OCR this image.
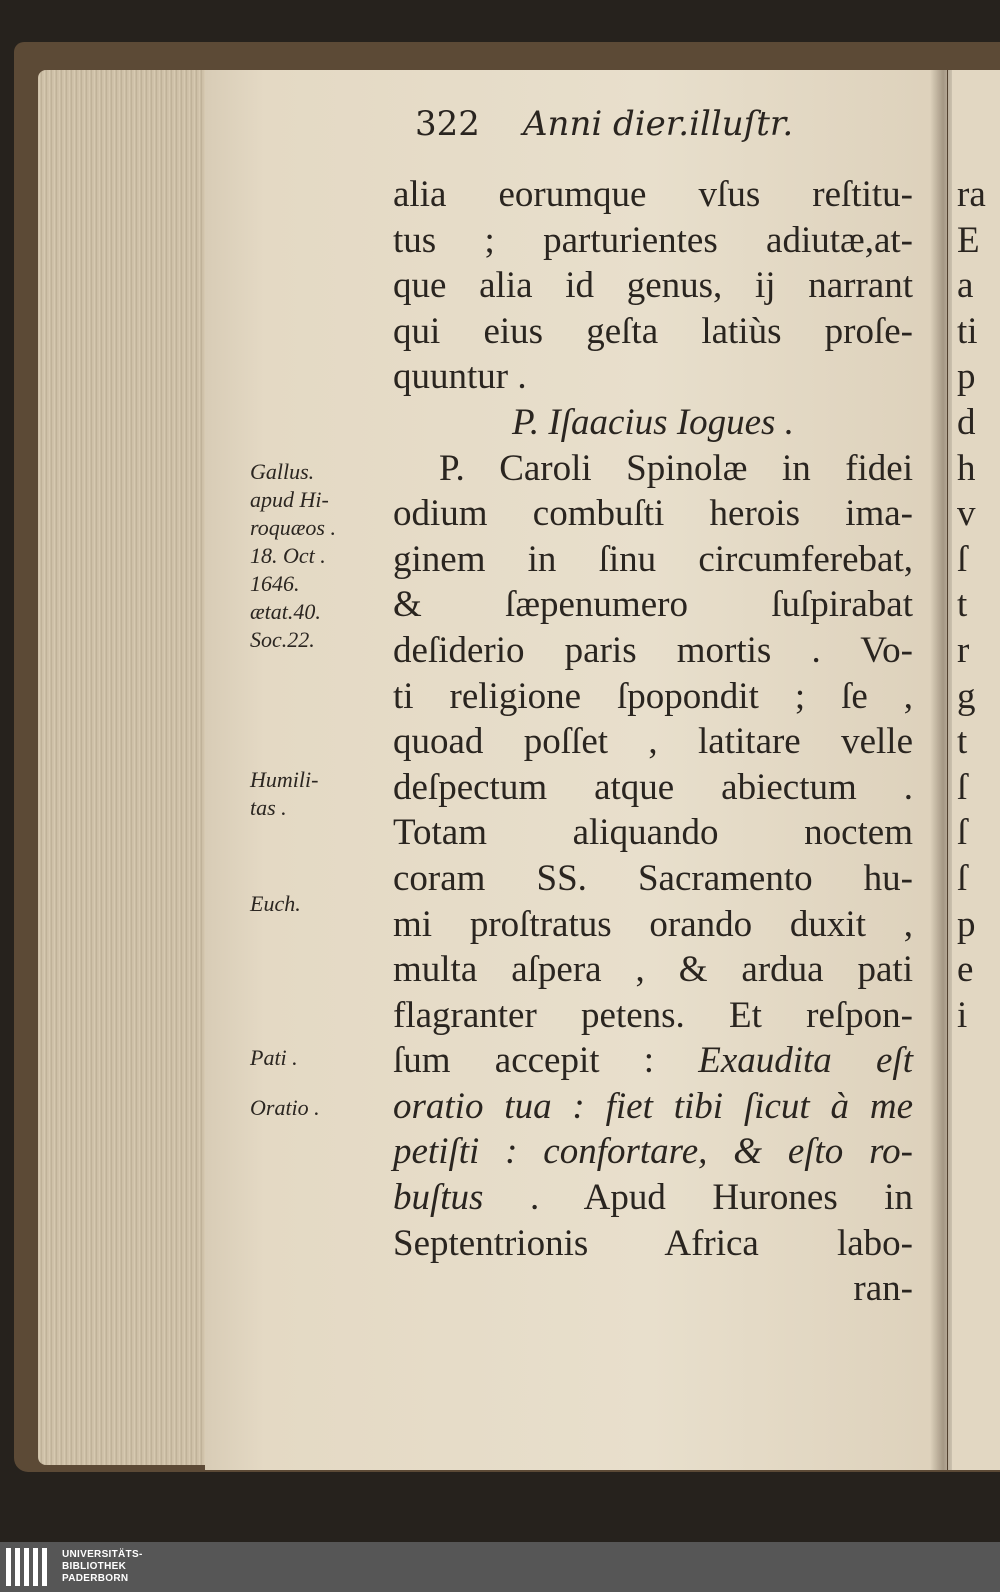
322 Anni dier.illuſtr.
alia eorumque vſus reſtitu-
tus ; parturientes adiutæ,at-
que alia id genus, ij narrant
qui eius geſta latiùs proſe-
quuntur .
P. Iſaacius Iogues .
P. Caroli Spinolæ in fidei
odium combuſti herois ima-
ginem in ſinu circumferebat,
& ſæpenumero ſuſpirabat
deſiderio paris mortis . Vo-
ti religione ſpopondit ; ſe ,
quoad poſſet , latitare velle
deſpectum atque abiectum .
Totam aliquando noctem
coram SS. Sacramento hu-
mi proſtratus orando duxit ,
multa aſpera , & ardua pati
flagranter petens. Et reſpon-
ſum accepit : Exaudita eſt
oratio tua : fiet tibi ſicut à me
petiſti : confortare, & eſto ro-
buſtus . Apud Hurones in
Septentrionis Africa labo-
ran-
Gallus.
apud Hi-
roquæos .
18. Oct .
1646.
ætat.40.
Soc.22.
Humili-
tas .
Euch.
Pati .
Oratio .
ra
E
a
ti
p
d
h
v
ſ
t
r
g
t
ſ
ſ
ſ
p
e
i
UNIVERSITÄTS-
BIBLIOTHEK
PADERBORN
